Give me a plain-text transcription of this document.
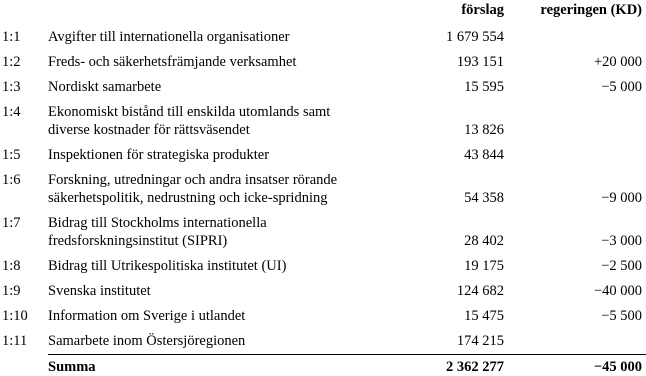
		förslag	regeringen (KD)
1:1	Avgifter till internationella organisationer	1 679 554	
1:2	Freds- och säkerhetsfrämjande verksamhet	193 151	+20 000
1:3	Nordiskt samarbete	15 595	−5 000
1:4	Ekonomiskt bistånd till enskilda utomlands samt
diverse kostnader för rättsväsendet	13 826	
1:5	Inspektionen för strategiska produkter	43 844	
1:6	Forskning, utredningar och andra insatser rörande
säkerhetspolitik, nedrustning och icke-spridning	54 358	−9 000
1:7	Bidrag till Stockholms internationella
fredsforskningsinstitut (SIPRI)	28 402	−3 000
1:8	Bidrag till Utrikespolitiska institutet (UI)	19 175	−2 500
1:9	Svenska institutet	124 682	−40 000
1:10	Information om Sverige i utlandet	15 475	−5 500
1:11	Samarbete inom Östersjöregionen	174 215	
	Summa	2 362 277	−45 000
